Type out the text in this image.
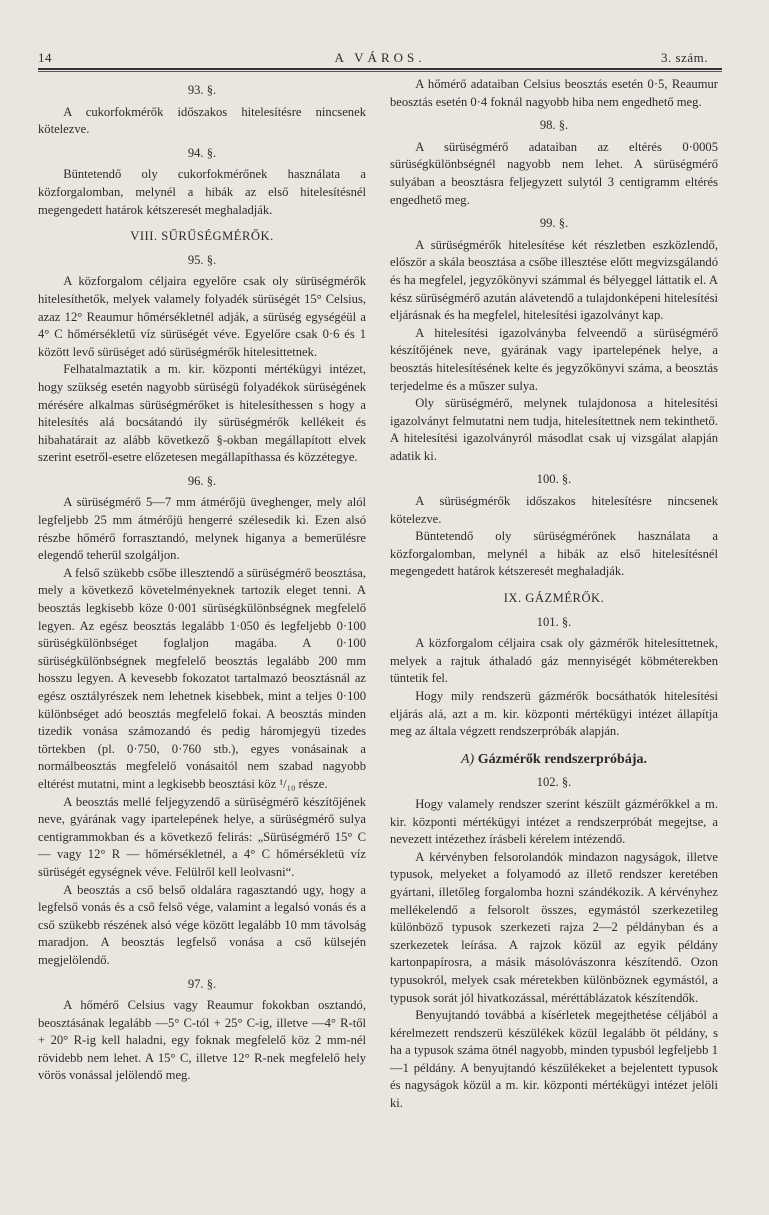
14	A VÁROS.	3. szám.
93. §.

A cukorfokmérők időszakos hitelesítésre nincsenek kötelezve.

94. §.

Büntetendő oly cukorfokmérőnek használata a közforgalomban, melynél a hibák az első hitelesítésnél megengedett határok kétszeresét meghaladják.

VIII. SŰRŰSÉGMÉRŐK.
95. §.

A közforgalom céljaira egyelőre csak oly sürüségmérők hitelesíthetők, melyek valamely folyadék sürüségét 15° Celsius, azaz 12° Reaumur hőmérsékletnél adják, a sürüség egységéül a 4° C hőmérsékletű víz sürüségét véve. Egyelőre csak 0·6 és 1 között levő sürüséget adó sürüségmérők hitelesittetnek.

Felhatalmaztatik a m. kir. központi mértékügyi intézet, hogy szükség esetén nagyobb sürüségü folyadékok sürüségének mérésére alkalmas sürüségmérőket is hitelesíthessen s hogy a hitelesítés alá bocsátandó ily sürüségmérők kellékeit és hibahatárait az alább következő §-okban megállapított elvek szerint esetről-esetre előzetesen megállapíthassa és közzétegye.

96. §.

A sürüségmérő 5—7 mm átmérőjü üveghenger, mely alól legfeljebb 25 mm átmérőjü hengerré szélesedik ki. Ezen alsó részbe hőmérő forrasztandó, melynek higanya a bemerülésre elegendő teherül szolgáljon.

A felső szükebb csőbe illesztendő a sürüségmérő beosztása, mely a következő követelményeknek tartozik eleget tenni. A beosztás legkisebb köze 0·001 sürüségkülönbségnek megfelelő legyen. Az egész beosztás legalább 1·050 és legfeljebb 0·100 sürüségkülönbséget foglaljon magába. A 0·100 sürüségkülönbségnek megfelelő beosztás legalább 200 mm hosszu legyen. A kevesebb fokozatot tartalmazó beosztásnál az egész osztályrészek nem lehetnek kisebbek, mint a teljes 0·100 különbséget adó beosztás megfelelő fokai. A beosztás minden tizedik vonása számozandó és pedig háromjegyü tizedes törtekben (pl. 0·750, 0·760 stb.), egyes vonásainak a normálbeosztás megfelelő vonásaitól nem szabad nagyobb eltérést mutatni, mint a legkisebb beosztási köz ¹/₁₀ része.

A beosztás mellé feljegyzendő a sürüségmérő készítőjének neve, gyárának vagy ipartelepének helye, a sürüségmérő sulya centigrammokban és a következő felirás: „Sürüségmérő 15° C — vagy 12° R — hőmérsékletnél, a 4° C hőmérsékletü víz sürüségét egységnek véve. Felülről kell leolvasni“.

A beosztás a cső belső oldalára ragasztandó ugy, hogy a legfelső vonás és a cső felső vége, valamint a legalsó vonás és a cső szükebb részének alsó vége között legalább 10 mm távolság maradjon. A beosztás legfelső vonása a cső külsején megjelölendő.

97. §.

A hőmérő Celsius vagy Reaumur fokokban osztandó, beosztásának legalább —5° C-tól + 25° C-ig, illetve —4° R-től + 20° R-ig kell haladni, egy foknak megfelelő köz 2 mm-nél rövidebb nem lehet. A 15° C, illetve 12° R-nek megfelelő hely vörös vonással jelölendő meg.

A hőmérő adataiban Celsius beosztás esetén 0·5, Reaumur beosztás esetén 0·4 foknál nagyobb hiba nem engedhető meg.

98. §.

A sürüségmérő adataiban az eltérés 0·0005 sürüségkülönbségnél nagyobb nem lehet. A sürüségmérő sulyában a beosztásra feljegyzett sulytól 3 centigramm eltérés engedhető meg.

99. §.

A sürüségmérők hitelesítése két részletben eszközlendő, először a skála beosztása a csőbe illesztése előtt megvizsgálandó és ha megfelel, jegyzőkönyvi számmal és bélyeggel láttatik el. A kész sürüségmérő azután alávetendő a tulajdonképeni hitelesítési eljárásnak és ha megfelel, hitelesítési igazolványt kap.

A hitelesítési igazolványba felveendő a sürüségmérő készítőjének neve, gyárának vagy ipartelepének helye, a beosztás hitelesítésének kelte és jegyzőkönyvi száma, a beosztás terjedelme és a műszer sulya.

Oly sürüségmérő, melynek tulajdonosa a hitelesítési igazolványt felmutatni nem tudja, hitelesítettnek nem tekinthető. A hitelesítési igazolványról másodlat csak uj vizsgálat alapján adatik ki.

100. §.

A sürüségmérők időszakos hitelesítésre nincsenek kötelezve.

Büntetendő oly sürüségmérőnek használata a közforgalomban, melynél a hibák az első hitelesítésnél megengedett határok kétszeresét meghaladják.

IX. GÁZMÉRŐK.
101. §.

A közforgalom céljaira csak oly gázmérők hitelesíttetnek, melyek a rajtuk áthaladó gáz mennyiségét köbméterekben tüntetik fel.

Hogy mily rendszerü gázmérők bocsáthatók hitelesítési eljárás alá, azt a m. kir. központi mértékügyi intézet állapítja meg az általa végzett rendszerpróbák alapján.

A) Gázmérők rendszerpróbája.
102. §.

Hogy valamely rendszer szerint készült gázmérőkkel a m. kir. központi mértékügyi intézet a rendszerpróbát megejtse, a nevezett intézethez írásbeli kérelem intézendő.

A kérvényben felsorolandók mindazon nagyságok, illetve typusok, melyeket a folyamodó az illető rendszer keretében gyártani, illetőleg forgalomba hozni szándékozik. A kérvényhez mellékelendő a felsorolt összes, egymástól szerkezetileg különböző typusok szerkezeti rajza 2—2 példányban és a szerkezetek leírása. A rajzok közül az egyik példány kartonpapírosra, a másik másolóvászonra készítendő. Ozon typusokról, melyek csak méretekben különböznek egymástól, a typusok sorát jól hivatkozással, méréttáblázatok készítendők.

Benyujtandó továbbá a kísérletek megejthetése céljából a kérelmezett rendszerü készülékek közül legalább öt példány, s ha a typusok száma ötnél nagyobb, minden typusból legfeljebb 1—1 példány. A benyujtandó készülékeket a bejelentett typusok és nagyságok közül a m. kir. központi mértékügyi intézet jelöli ki.
